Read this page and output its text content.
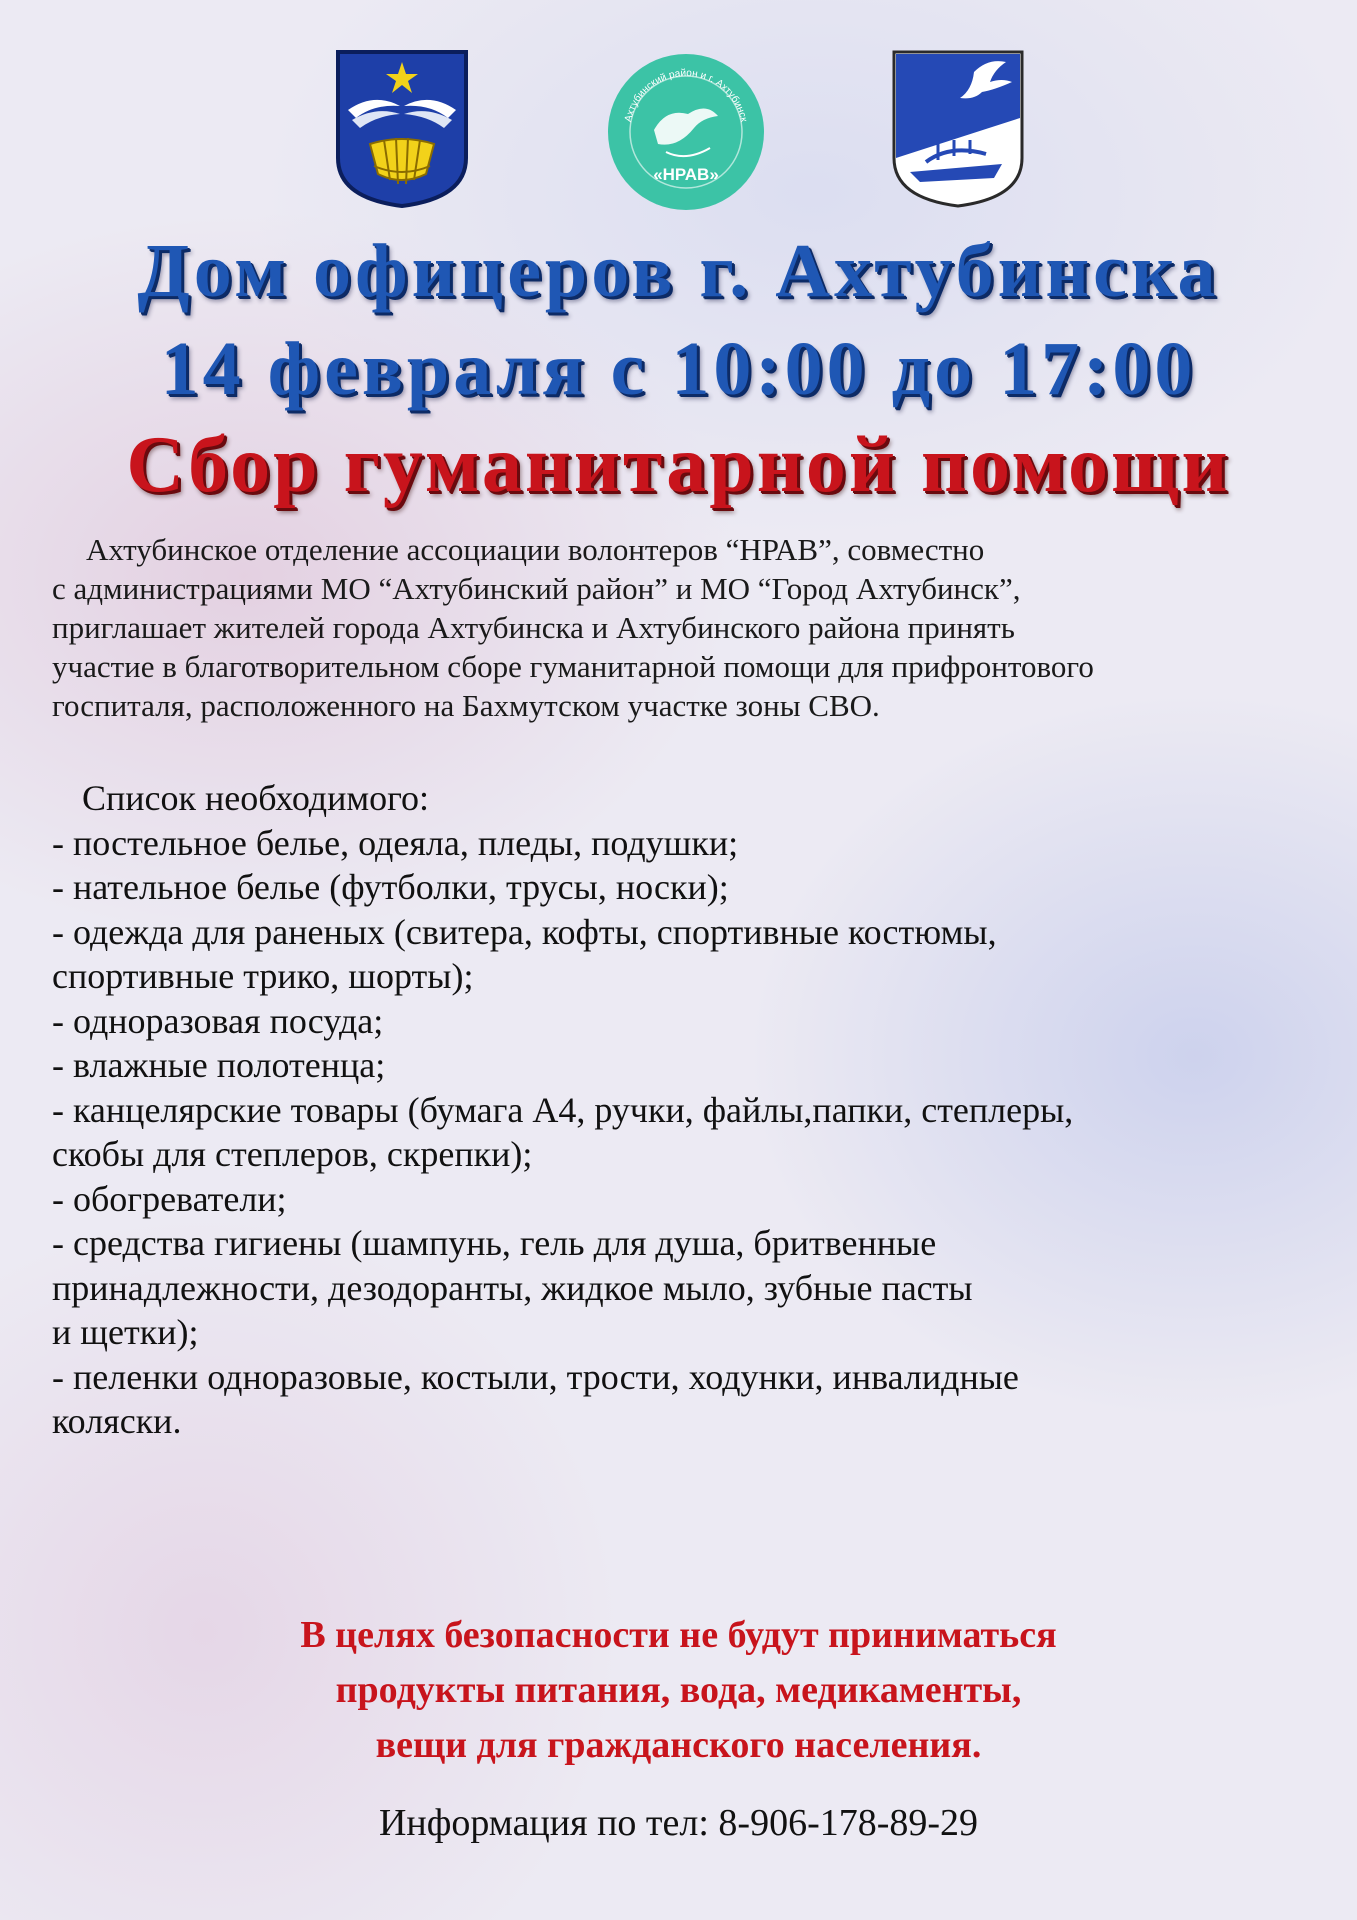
«НРАВ»
Ахтубинский район и г. Ахтубинск
Дом офицеров г. Ахтубинска
14 февраля с 10:00 до 17:00
Сбор гуманитарной помощи
Ахтубинское отделение ассоциации волонтеров “НРАВ”, совместно
с администрациями МО “Ахтубинский район” и МО “Город Ахтубинск”,
приглашает жителей города Ахтубинска и Ахтубинского района принять
участие в благотворительном сборе гуманитарной помощи для прифронтового
госпиталя, расположенного на Бахмутском участке зоны СВО.
Список необходимого:
- постельное белье, одеяла, пледы, подушки;
- нательное белье (футболки, трусы, носки);
- одежда для раненых (свитера, кофты, спортивные костюмы,
спортивные трико, шорты);
- одноразовая посуда;
- влажные полотенца;
- канцелярские товары (бумага А4, ручки, файлы,папки, степлеры,
скобы для степлеров, скрепки);
- обогреватели;
- средства гигиены (шампунь, гель для душа, бритвенные
принадлежности, дезодоранты, жидкое мыло, зубные пасты
и щетки);
- пеленки одноразовые, костыли, трости, ходунки, инвалидные
коляски.
В целях безопасности не будут приниматься
продукты питания, вода, медикаменты,
вещи для гражданского населения.
Информация по тел: 8-906-178-89-29
